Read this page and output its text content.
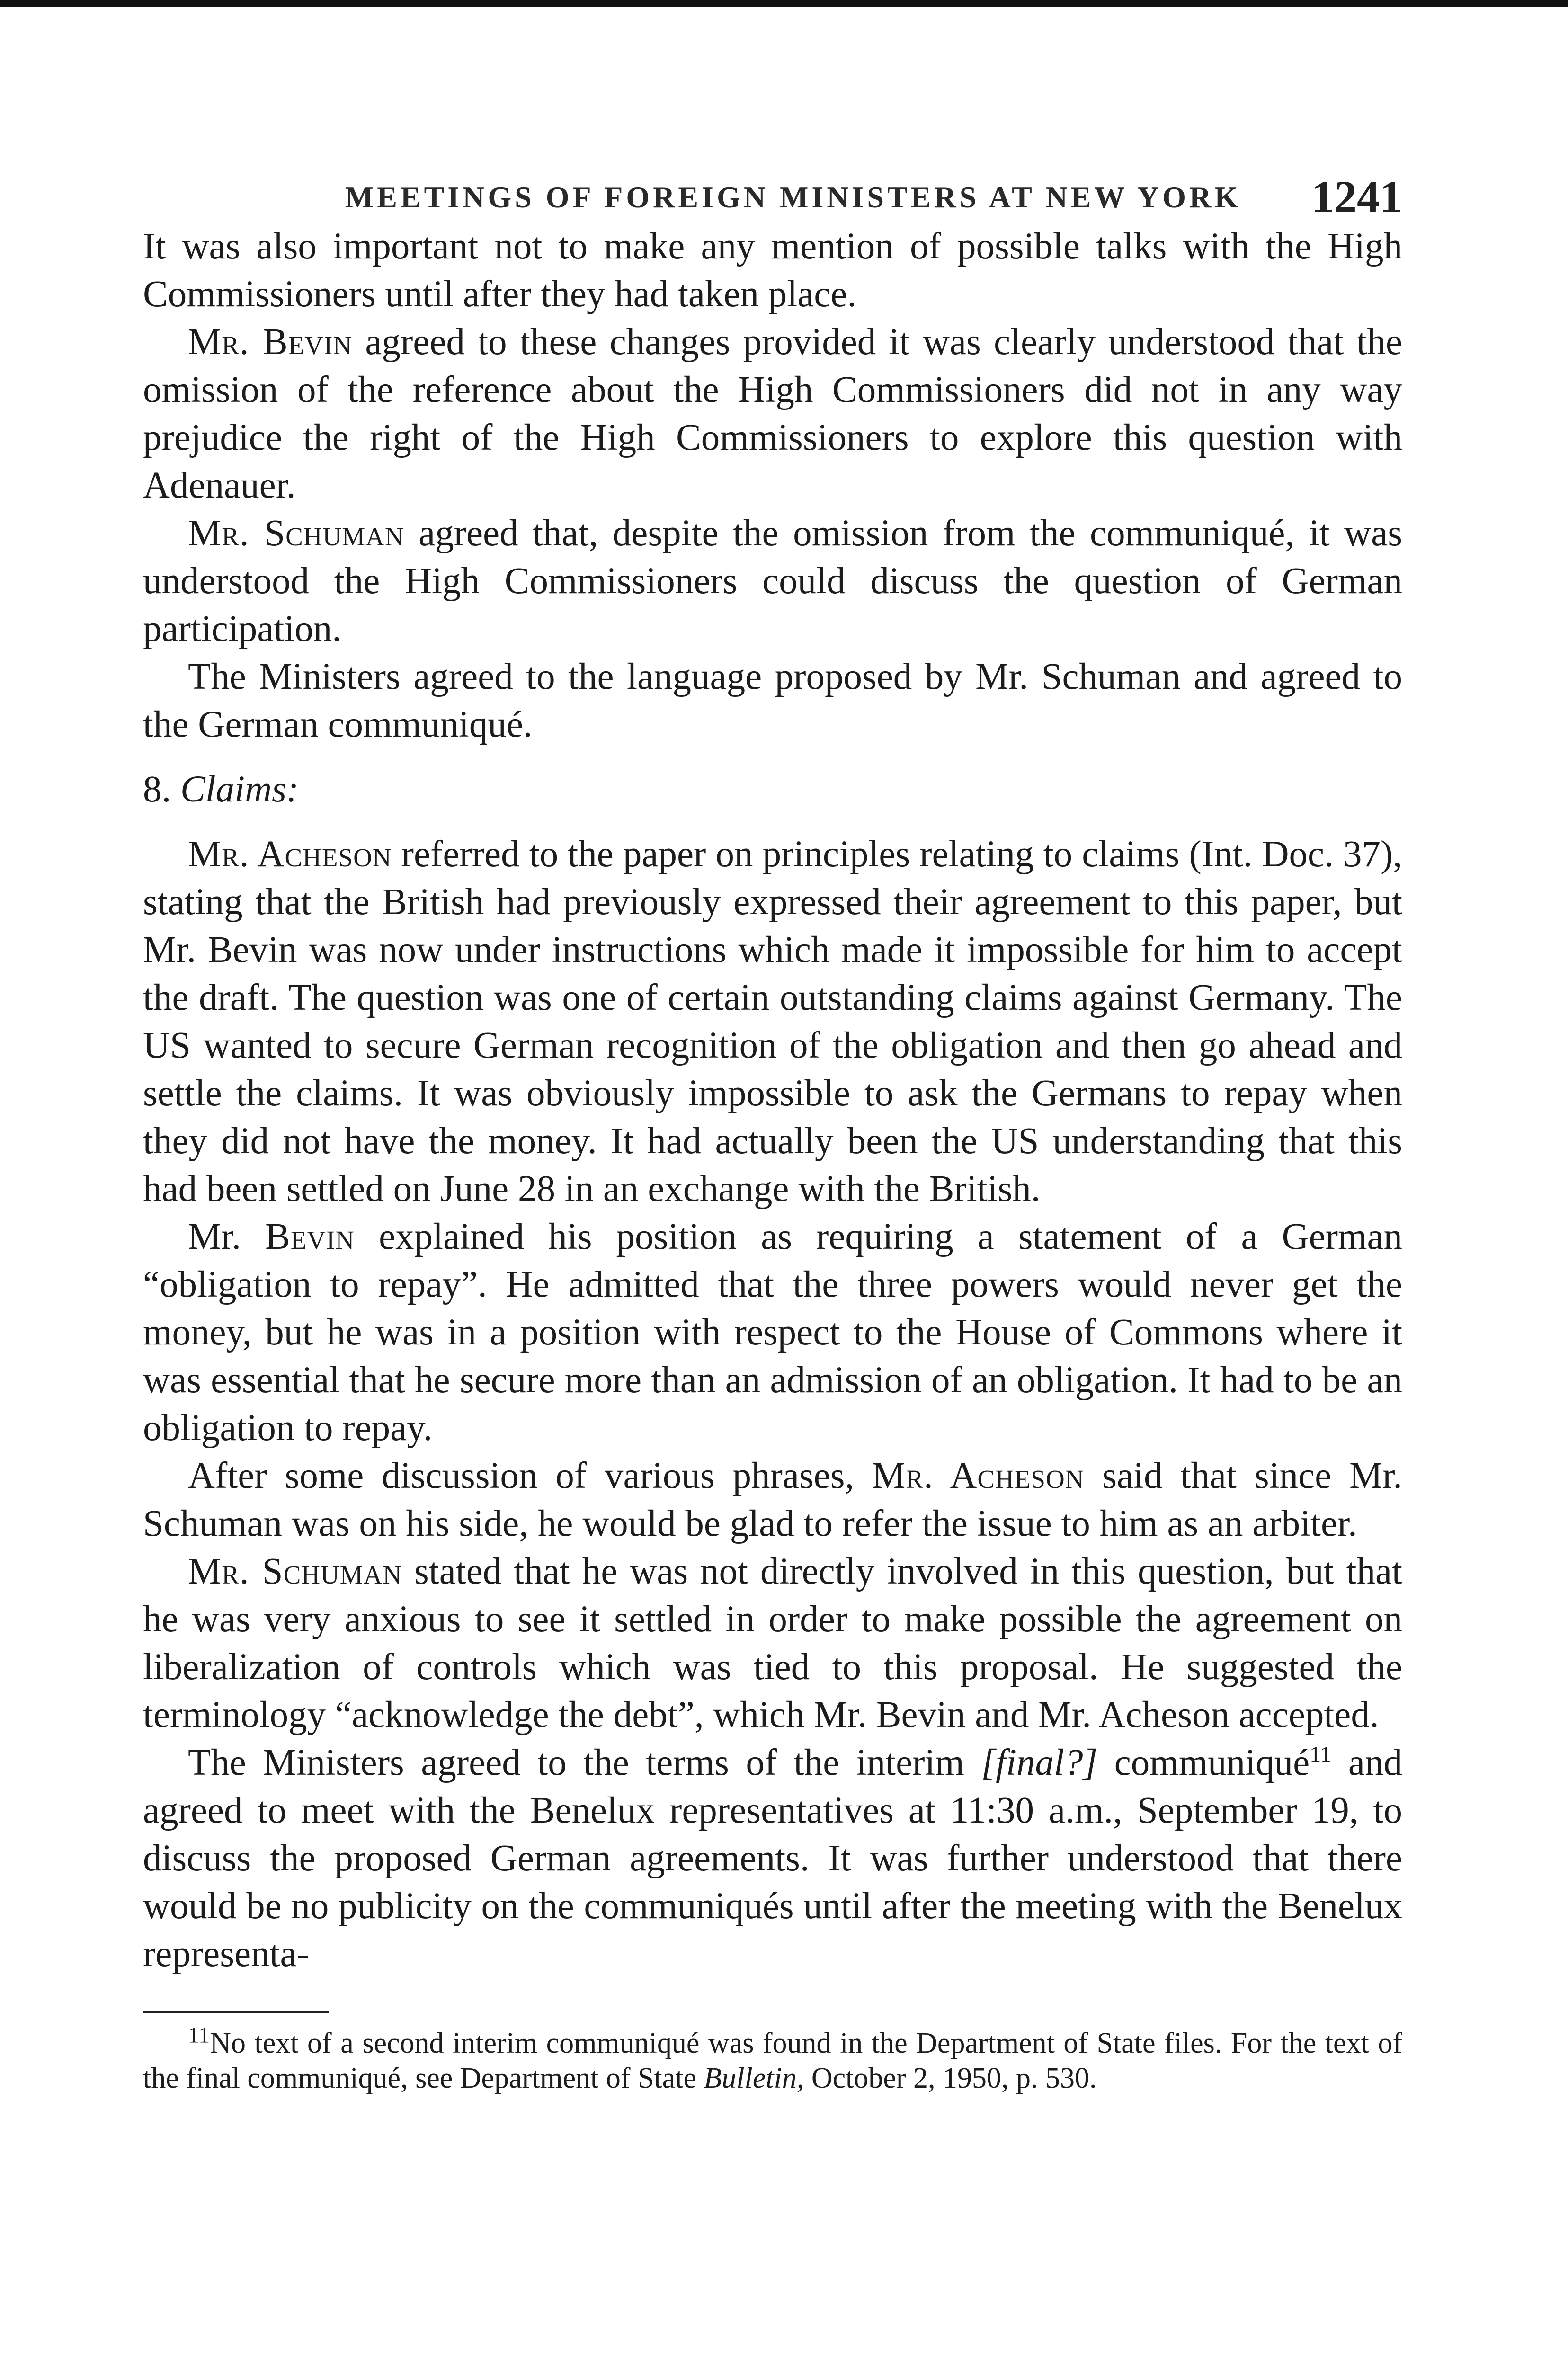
MEETINGS OF FOREIGN MINISTERS AT NEW YORK 1241

It was also important not to make any mention of possible talks with the High Commissioners until after they had taken place.

Mr. Bevin agreed to these changes provided it was clearly understood that the omission of the reference about the High Commissioners did not in any way prejudice the right of the High Commissioners to explore this question with Adenauer.

Mr. Schuman agreed that, despite the omission from the communiqué, it was understood the High Commissioners could discuss the question of German participation.

The Ministers agreed to the language proposed by Mr. Schuman and agreed to the German communiqué.

8. Claims:

Mr. Acheson referred to the paper on principles relating to claims (Int. Doc. 37), stating that the British had previously expressed their agreement to this paper, but Mr. Bevin was now under instructions which made it impossible for him to accept the draft. The question was one of certain outstanding claims against Germany. The US wanted to secure German recognition of the obligation and then go ahead and settle the claims. It was obviously impossible to ask the Germans to repay when they did not have the money. It had actually been the US understanding that this had been settled on June 28 in an exchange with the British.

Mr. Bevin explained his position as requiring a statement of a German “obligation to repay”. He admitted that the three powers would never get the money, but he was in a position with respect to the House of Commons where it was essential that he secure more than an admission of an obligation. It had to be an obligation to repay.

After some discussion of various phrases, Mr. Acheson said that since Mr. Schuman was on his side, he would be glad to refer the issue to him as an arbiter.

Mr. Schuman stated that he was not directly involved in this question, but that he was very anxious to see it settled in order to make possible the agreement on liberalization of controls which was tied to this proposal. He suggested the terminology “acknowledge the debt”, which Mr. Bevin and Mr. Acheson accepted.

The Ministers agreed to the terms of the interim [final?] communiqué$^{11}$ and agreed to meet with the Benelux representatives at 11:30 a.m., September 19, to discuss the proposed German agreements. It was further understood that there would be no publicity on the communiqués until after the meeting with the Benelux representa-

$^{11}$No text of a second interim communiqué was found in the Department of State files. For the text of the final communiqué, see Department of State Bulletin, October 2, 1950, p. 530.
